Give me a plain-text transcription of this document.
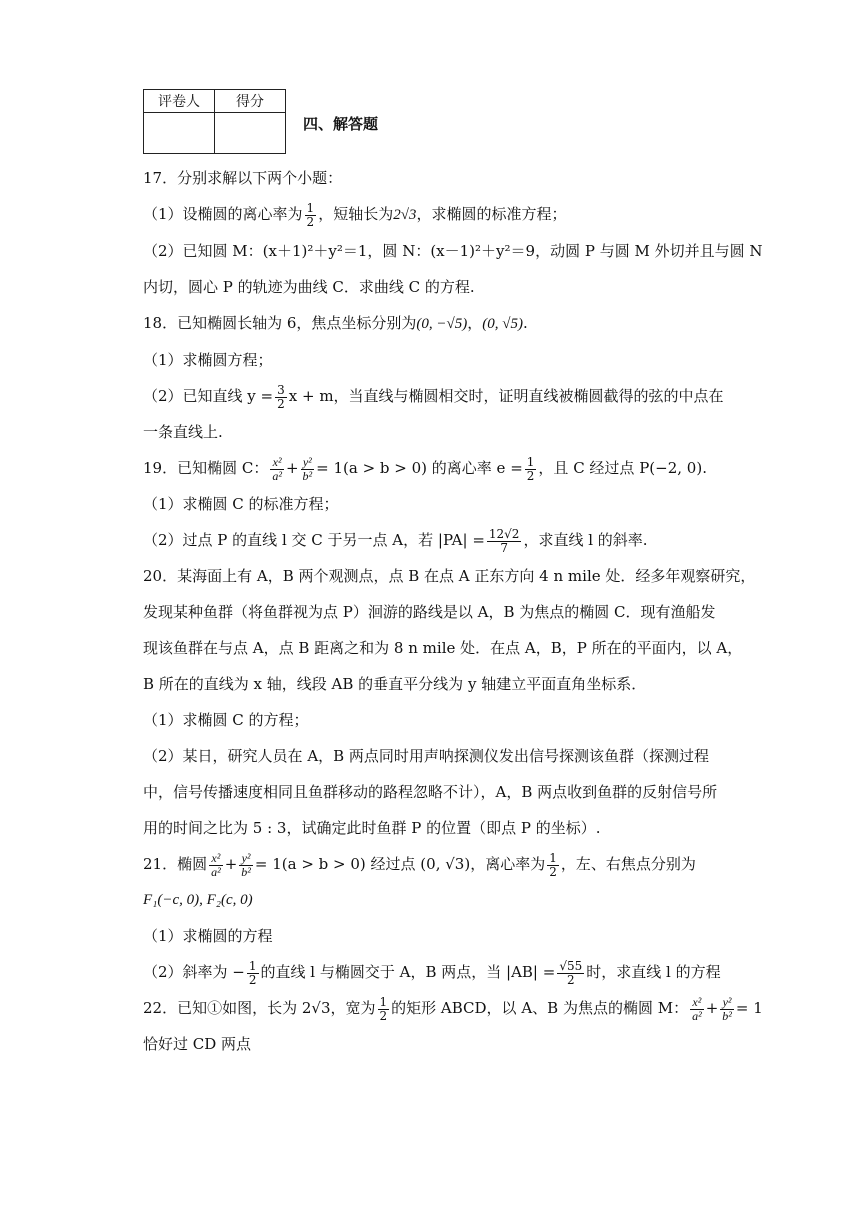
评卷人	得分

四、解答题
17．分别求解以下两个小题：
（1）设椭圆的离心率为 $\frac{1}{2}$ ，短轴长为2√3，求椭圆的标准方程；
（2）已知圆 M：(x＋1)²＋y²＝1，圆 N：(x－1)²＋y²＝9，动圆 P 与圆 M 外切并且与圆 N
内切，圆心 P 的轨迹为曲线 C．求曲线 C 的方程.
18．已知椭圆长轴为 6，焦点坐标分别为(0, −√5)，(0, √5).
（1）求椭圆方程；
（2）已知直线 $y = \frac{3}{2}$ x + m，当直线与椭圆相交时，证明直线被椭圆截得的弦的中点在
一条直线上.
19．已知椭圆 C： $\frac{\text{x²}}{\text{a²}} + \frac{\text{y²}}{\text{b²}} = 1(a > b > 0)$ 的离心率 $e = \frac{1}{2}$ ，且 C 经过点 P(−2, 0).
（1）求椭圆 C 的标准方程；
（2）过点 P 的直线 l 交 C 于另一点 A，若 $|PA| = \frac{12√2}{7}$ ，求直线 l 的斜率.
20．某海面上有 A，B 两个观测点，点 B 在点 A 正东方向 4 n mile 处．经多年观察研究，
发现某种鱼群（将鱼群视为点 P）洄游的路线是以 A，B 为焦点的椭圆 C．现有渔船发
现该鱼群在与点 A，点 B 距离之和为 8 n mile 处．在点 A，B，P 所在的平面内，以 A，
B 所在的直线为 x 轴，线段 AB 的垂直平分线为 y 轴建立平面直角坐标系．
（1）求椭圆 C 的方程；
（2）某日，研究人员在 A，B 两点同时用声呐探测仪发出信号探测该鱼群（探测过程
中，信号传播速度相同且鱼群移动的路程忽略不计），A，B 两点收到鱼群的反射信号所
用的时间之比为 5 : 3，试确定此时鱼群 P 的位置（即点 P 的坐标）.
21．椭圆 $\frac{\text{x²}}{\text{a²}} + \frac{\text{y²}}{\text{b²}} = 1(a > b > 0)$ 经过点 (0, √3)，离心率为 $\frac{1}{2}$ ，左、右焦点分别为
F₁(−c, 0), F₂(c, 0)
（1）求椭圆的方程
（2）斜率为 − $\frac{1}{2}$ 的直线 l 与椭圆交于 A，B 两点，当 $|AB| = \frac{√55}{2}$ 时，求直线 l 的方程
22．已知①如图，长为 2√3，宽为 $\frac{1}{2}$ 的矩形 ABCD，以 A、B 为焦点的椭圆 M： $\frac{\text{x²}}{\text{a²}} + \frac{\text{y²}}{\text{b²}} = 1$
恰好过 CD 两点
